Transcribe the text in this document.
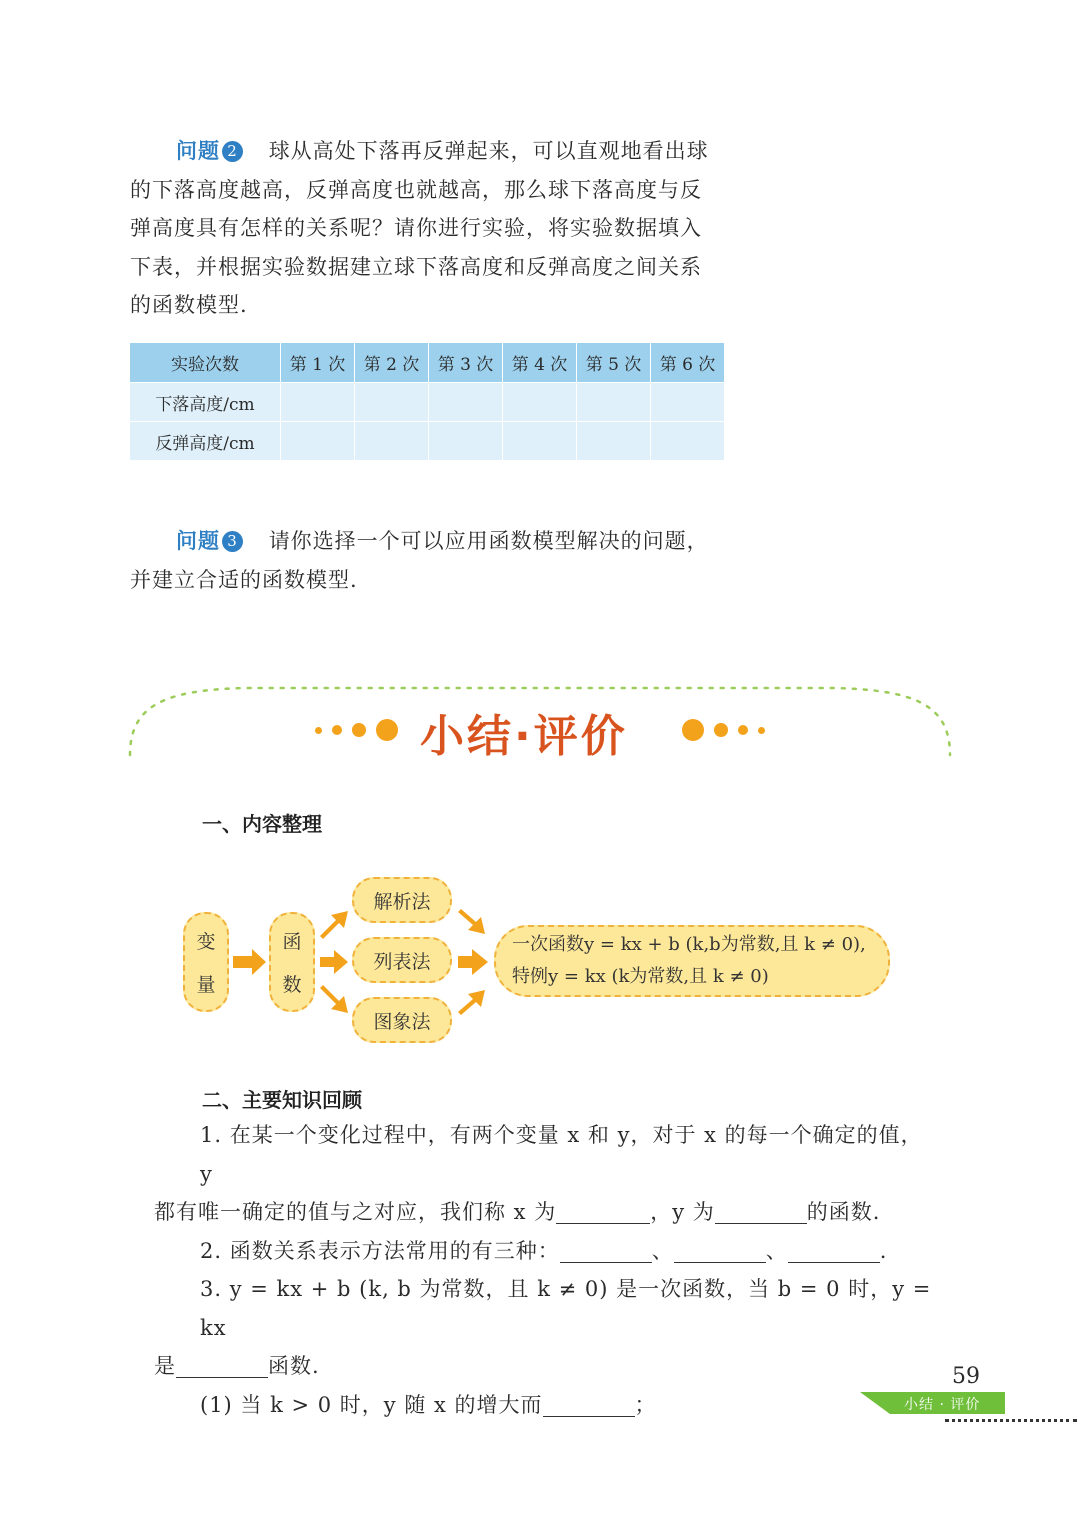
问题 2 球从高处下落再反弹起来，可以直观地看出球
的下落高度越高，反弹高度也就越高，那么球下落高度与反
弹高度具有怎样的关系呢？请你进行实验，将实验数据填入
下表，并根据实验数据建立球下落高度和反弹高度之间关系
的函数模型.
实验次数	第 1 次	第 2 次	第 3 次	第 4 次	第 5 次	第 6 次
下落高度/cm						
反弹高度/cm						
问题 3 请你选择一个可以应用函数模型解决的问题，
并建立合适的函数模型.
小结·评价
一、内容整理
变
量
函
数
解析法
列表法
图象法
一次函数y = kx + b (k,b为常数,且 k ≠ 0),
特例y = kx (k为常数,且 k ≠ 0)
二、主要知识回顾
1. 在某一个变化过程中，有两个变量 x 和 y，对于 x 的每一个确定的值，y
都有唯一确定的值与之对应，我们称 x 为	，y 为	的函数.
2. 函数关系表示方法常用的有三种：	、	、	.
3. y = kx + b (k, b 为常数，且 k ≠ 0) 是一次函数，当 b = 0 时，y = kx
是	函数.
(1) 当 k > 0 时，y 随 x 的增大而	；
59
小结 · 评价
